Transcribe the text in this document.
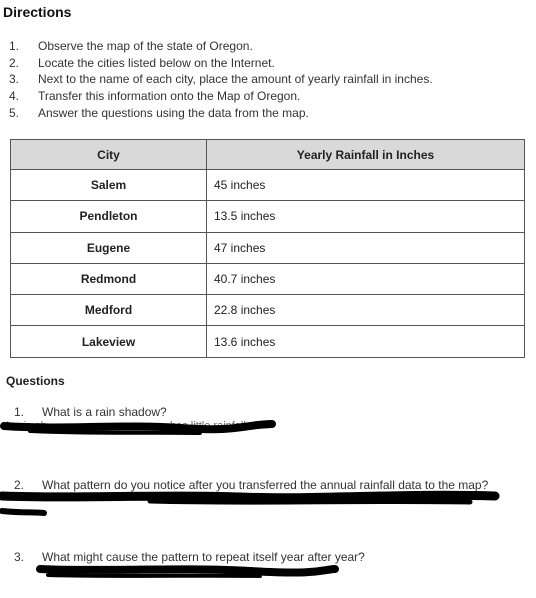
Directions
1.	Observe the map of the state of Oregon.
2.	Locate the cities listed below on the Internet.
3.	Next to the name of each city, place the amount of yearly rainfall in inches.
4.	Transfer this information onto the Map of Oregon.
5.	Answer the questions using the data from the map.
City	Yearly Rainfall in Inches
Salem	45 inches
Pendleton	13.5 inches
Eugene	47 inches
Redmond	40.7 inches
Medford	22.8 inches
Lakeview	13.6 inches
Questions
1.	What is a rain shadow?
A rain sh	has little rainfall
2.	What pattern do you notice after you transferred the annual rainfall data to the map?
3.	What might cause the pattern to repeat itself year after year?
